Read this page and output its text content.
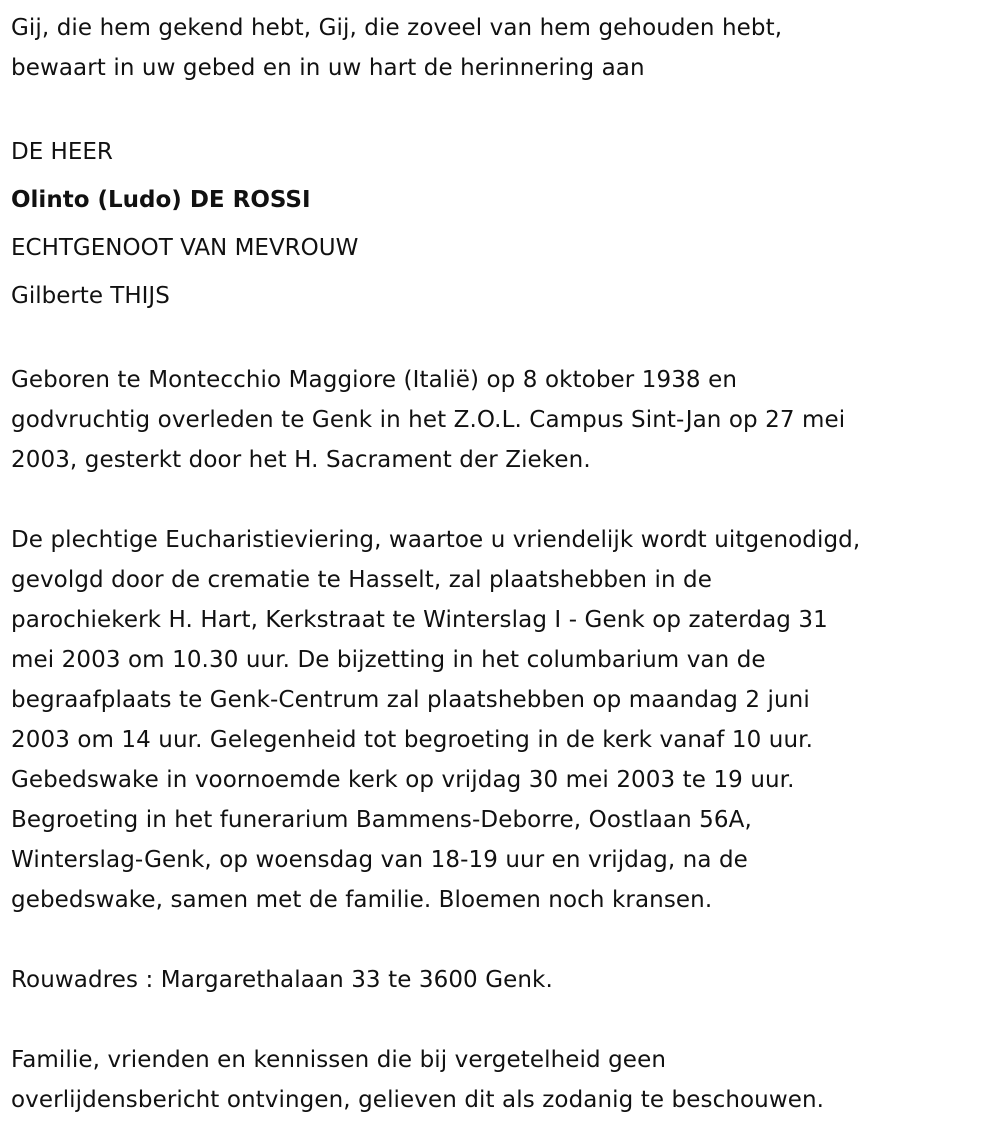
Gij, die hem gekend hebt, Gij, die zoveel van hem gehouden hebt,
bewaart in uw gebed en in uw hart de herinnering aan

DE HEER

Olinto (Ludo) DE ROSSI

ECHTGENOOT VAN MEVROUW

Gilberte THIJS

Geboren te Montecchio Maggiore (Italië) op 8 oktober 1938 en
godvruchtig overleden te Genk in het Z.O.L. Campus Sint-Jan op 27 mei
2003, gesterkt door het H. Sacrament der Zieken.

De plechtige Eucharistieviering, waartoe u vriendelijk wordt uitgenodigd,
gevolgd door de crematie te Hasselt, zal plaatshebben in de
parochiekerk H. Hart, Kerkstraat te Winterslag I - Genk op zaterdag 31
mei 2003 om 10.30 uur. De bijzetting in het columbarium van de
begraafplaats te Genk-Centrum zal plaatshebben op maandag 2 juni
2003 om 14 uur. Gelegenheid tot begroeting in de kerk vanaf 10 uur.
Gebedswake in voornoemde kerk op vrijdag 30 mei 2003 te 19 uur.
Begroeting in het funerarium Bammens-Deborre, Oostlaan 56A,
Winterslag-Genk, op woensdag van 18-19 uur en vrijdag, na de
gebedswake, samen met de familie. Bloemen noch kransen.

Rouwadres : Margarethalaan 33 te 3600 Genk.

Familie, vrienden en kennissen die bij vergetelheid geen
overlijdensbericht ontvingen, gelieven dit als zodanig te beschouwen.
